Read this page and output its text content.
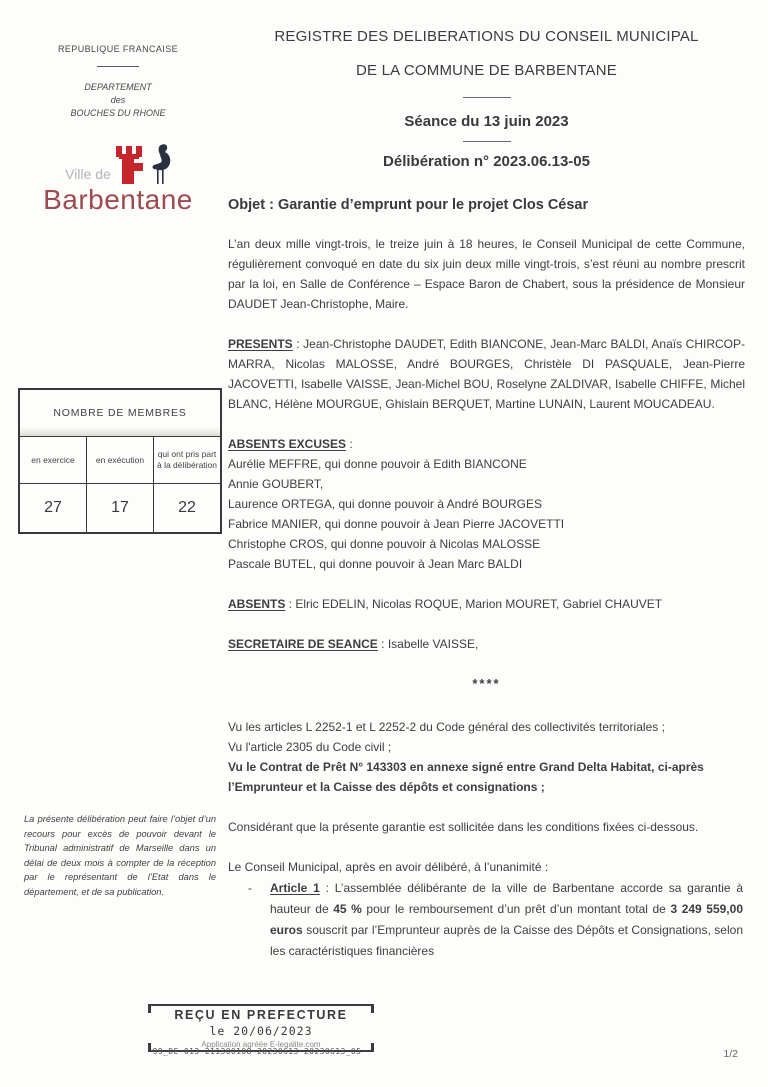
REPUBLIQUE FRANCAISE
DEPARTEMENT
des
BOUCHES DU RHONE
Ville de
Barbentane
NOMBRE DE MEMBRES
en exercice
27
en exécution
17
qui ont pris part à la délibération
22
La présente délibération peut faire l’objet d’un recours pour excès de pouvoir devant le Tribunal administratif de Marseille dans un délai de deux mois à compter de la réception par le représentant de l’Etat dans le département, et de sa publication.
REGISTRE DES DELIBERATIONS DU CONSEIL MUNICIPAL
DE LA COMMUNE DE BARBENTANE
Séance du 13 juin 2023
Délibération n° 2023.06.13-05
Objet : Garantie d’emprunt pour le projet Clos César

L’an deux mille vingt-trois, le treize juin à 18 heures, le Conseil Municipal de cette Commune, régulièrement convoqué en date du six juin deux mille vingt-trois, s’est réuni au nombre prescrit par la loi, en Salle de Conférence – Espace Baron de Chabert, sous la présidence de Monsieur DAUDET Jean-Christophe, Maire.

PRESENTS : Jean-Christophe DAUDET, Edith BIANCONE, Jean-Marc BALDI, Anaïs CHIRCOP-MARRA, Nicolas MALOSSE, André BOURGES, Christèle DI PASQUALE, Jean-Pierre JACOVETTI, Isabelle VAISSE, Jean-Michel BOU, Roselyne ZALDIVAR, Isabelle CHIFFE, Michel BLANC, Hélène MOURGUE, Ghislain BERQUET, Martine LUNAIN, Laurent MOUCADEAU.

ABSENTS EXCUSES :
Aurélie MEFFRE, qui donne pouvoir à Edith BIANCONE
Annie GOUBERT,
Laurence ORTEGA, qui donne pouvoir à André BOURGES
Fabrice MANIER, qui donne pouvoir à Jean Pierre JACOVETTI
Christophe CROS, qui donne pouvoir à Nicolas MALOSSE
Pascale BUTEL, qui donne pouvoir à Jean Marc BALDI

ABSENTS : Elric EDELIN, Nicolas ROQUE, Marion MOURET, Gabriel CHAUVET

SECRETAIRE DE SEANCE : Isabelle VAISSE,

****
Vu les articles L 2252-1 et L 2252-2 du Code général des collectivités territoriales ;
Vu l'article 2305 du Code civil ;
Vu le Contrat de Prêt N° 143303 en annexe signé entre Grand Delta Habitat, ci-après l’Emprunteur et la Caisse des dépôts et consignations ;

Considérant que la présente garantie est sollicitée dans les conditions fixées ci-dessous.

Le Conseil Municipal, après en avoir délibéré, à l’unanimité :

-	Article 1 : L’assemblée délibérante de la ville de Barbentane accorde sa garantie à hauteur de 45 % pour le remboursement d’un prêt d’un montant total de 3 249 559,00 euros souscrit par l’Emprunteur auprès de la Caisse des Dépôts et Consignations, selon les caractéristiques financières
REÇU EN PREFECTURE
le 20/06/2023
Application agréée E-legalite.com
99_DE-013-211300108-20230613-20230613_05	1/2
